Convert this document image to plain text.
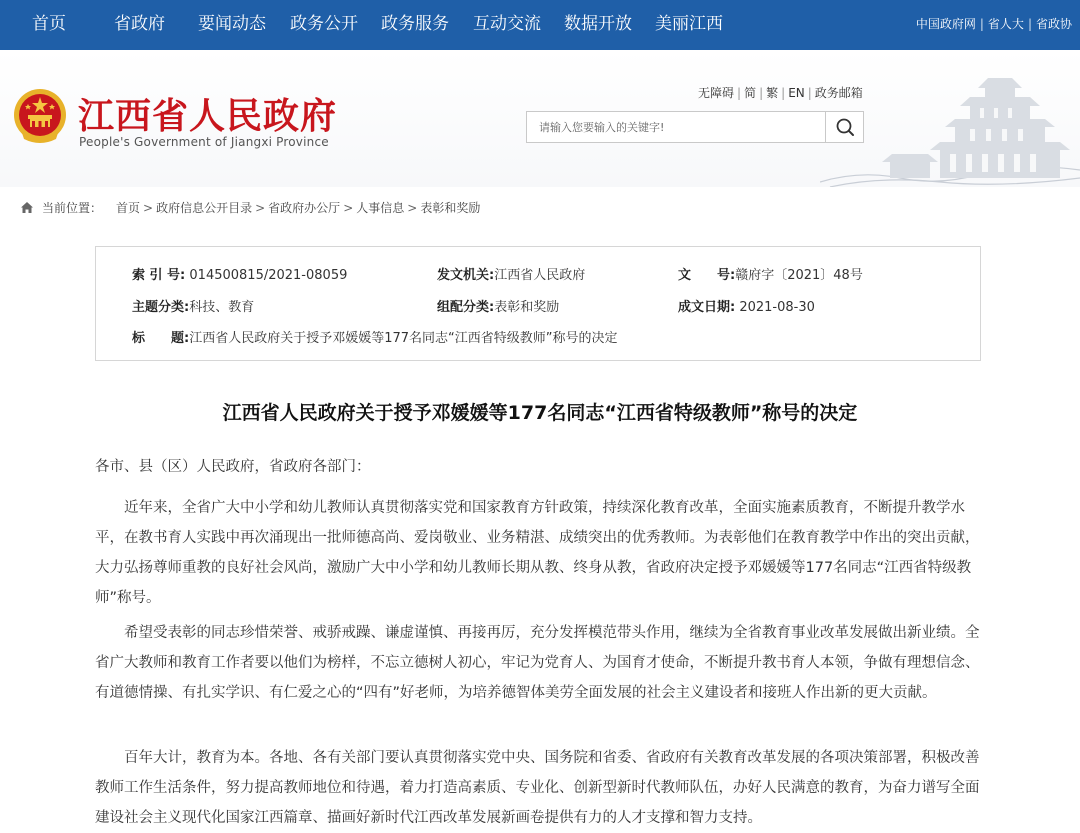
首页	省政府 要闻动态 政务公开 政务服务 互动交流 数据开放 美丽江西	中国政府网 | 省人大 | 省政协
江西省人民政府
People's Government of Jiangxi Province
无障碍 | 简 | 繁 | EN | 政务邮箱
请输入您要输入的关键字!
当前位置： 首页 > 政府信息公开目录 > 省政府办公厅 > 人事信息 > 表彰和奖励
索 引 号: 014500815/2021-08059	发文机关:江西省人民政府	文　　号:赣府字〔2021〕48号
主题分类:科技、教育	组配分类:表彰和奖励	成文日期: 2021-08-30
标　　题:江西省人民政府关于授予邓媛媛等177名同志“江西省特级教师”称号的决定
江西省人民政府关于授予邓媛媛等177名同志“江西省特级教师”称号的决定

各市、县（区）人民政府，省政府各部门：

近年来，全省广大中小学和幼儿教师认真贯彻落实党和国家教育方针政策，持续深化教育改革，全面实施素质教育，不断提升教学水平，在教书育人实践中再次涌现出一批师德高尚、爱岗敬业、业务精湛、成绩突出的优秀教师。为表彰他们在教育教学中作出的突出贡献，大力弘扬尊师重教的良好社会风尚，激励广大中小学和幼儿教师长期从教、终身从教，省政府决定授予邓媛媛等177名同志“江西省特级教师”称号。

希望受表彰的同志珍惜荣誉、戒骄戒躁、谦虚谨慎、再接再厉，充分发挥模范带头作用，继续为全省教育事业改革发展做出新业绩。全省广大教师和教育工作者要以他们为榜样，不忘立德树人初心，牢记为党育人、为国育才使命，不断提升教书育人本领，争做有理想信念、有道德情操、有扎实学识、有仁爱之心的“四有”好老师，为培养德智体美劳全面发展的社会主义建设者和接班人作出新的更大贡献。

百年大计，教育为本。各地、各有关部门要认真贯彻落实党中央、国务院和省委、省政府有关教育改革发展的各项决策部署，积极改善教师工作生活条件，努力提高教师地位和待遇，着力打造高素质、专业化、创新型新时代教师队伍，办好人民满意的教育，为奋力谱写全面建设社会主义现代化国家江西篇章、描画好新时代江西改革发展新画卷提供有力的人才支撑和智力支持。
